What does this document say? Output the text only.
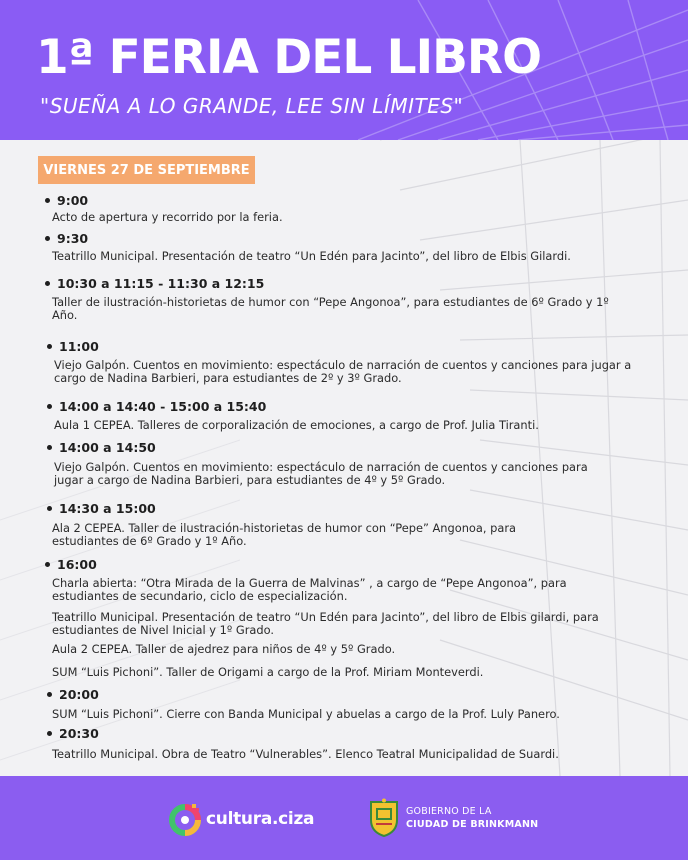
1ª FERIA DEL LIBRO
"SUEÑA A LO GRANDE, LEE SIN LÍMITES"
VIERNES 27 DE SEPTIEMBRE
9:00
Acto de apertura y recorrido por la feria.
9:30
Teatrillo Municipal. Presentación de teatro “Un Edén para Jacinto”, del libro de Elbis Gilardi.
10:30 a 11:15 - 11:30 a 12:15
Taller de ilustración-historietas de humor con “Pepe Angonoa”, para estudiantes de 6º Grado y 1º Año.
11:00
Viejo Galpón. Cuentos en movimiento: espectáculo de narración de cuentos y canciones para jugar a cargo de Nadina Barbieri, para estudiantes de 2º y 3º Grado.
14:00 a 14:40 - 15:00 a 15:40
Aula 1 CEPEA. Talleres de corporalización de emociones, a cargo de Prof. Julia Tiranti.
14:00 a 14:50
Viejo Galpón. Cuentos en movimiento: espectáculo de narración de cuentos y canciones para jugar a cargo de Nadina Barbieri, para estudiantes de 4º y 5º Grado.
14:30 a 15:00
Ala 2 CEPEA. Taller de ilustración-historietas de humor con “Pepe” Angonoa, para estudiantes de 6º Grado y 1º Año.
16:00
Charla abierta: “Otra Mirada de la Guerra de Malvinas” , a cargo de “Pepe Angonoa”, para estudiantes de secundario, ciclo de especialización.
Teatrillo Municipal. Presentación de teatro “Un Edén para Jacinto”, del libro de Elbis gilardi, para estudiantes de Nivel Inicial y 1º Grado.
Aula 2 CEPEA. Taller de ajedrez para niños de 4º y 5º Grado.
SUM “Luis Pichoni”. Taller de Origami a cargo de la Prof. Miriam Monteverdi.
20:00
SUM “Luis Pichoni”. Cierre con Banda Municipal y abuelas a cargo de la Prof. Luly Panero.
20:30
Teatrillo Municipal. Obra de Teatro “Vulnerables”. Elenco Teatral Municipalidad de Suardi.
cultura.ciza	GOBIERNO DE LA
CIUDAD DE BRINKMANN
